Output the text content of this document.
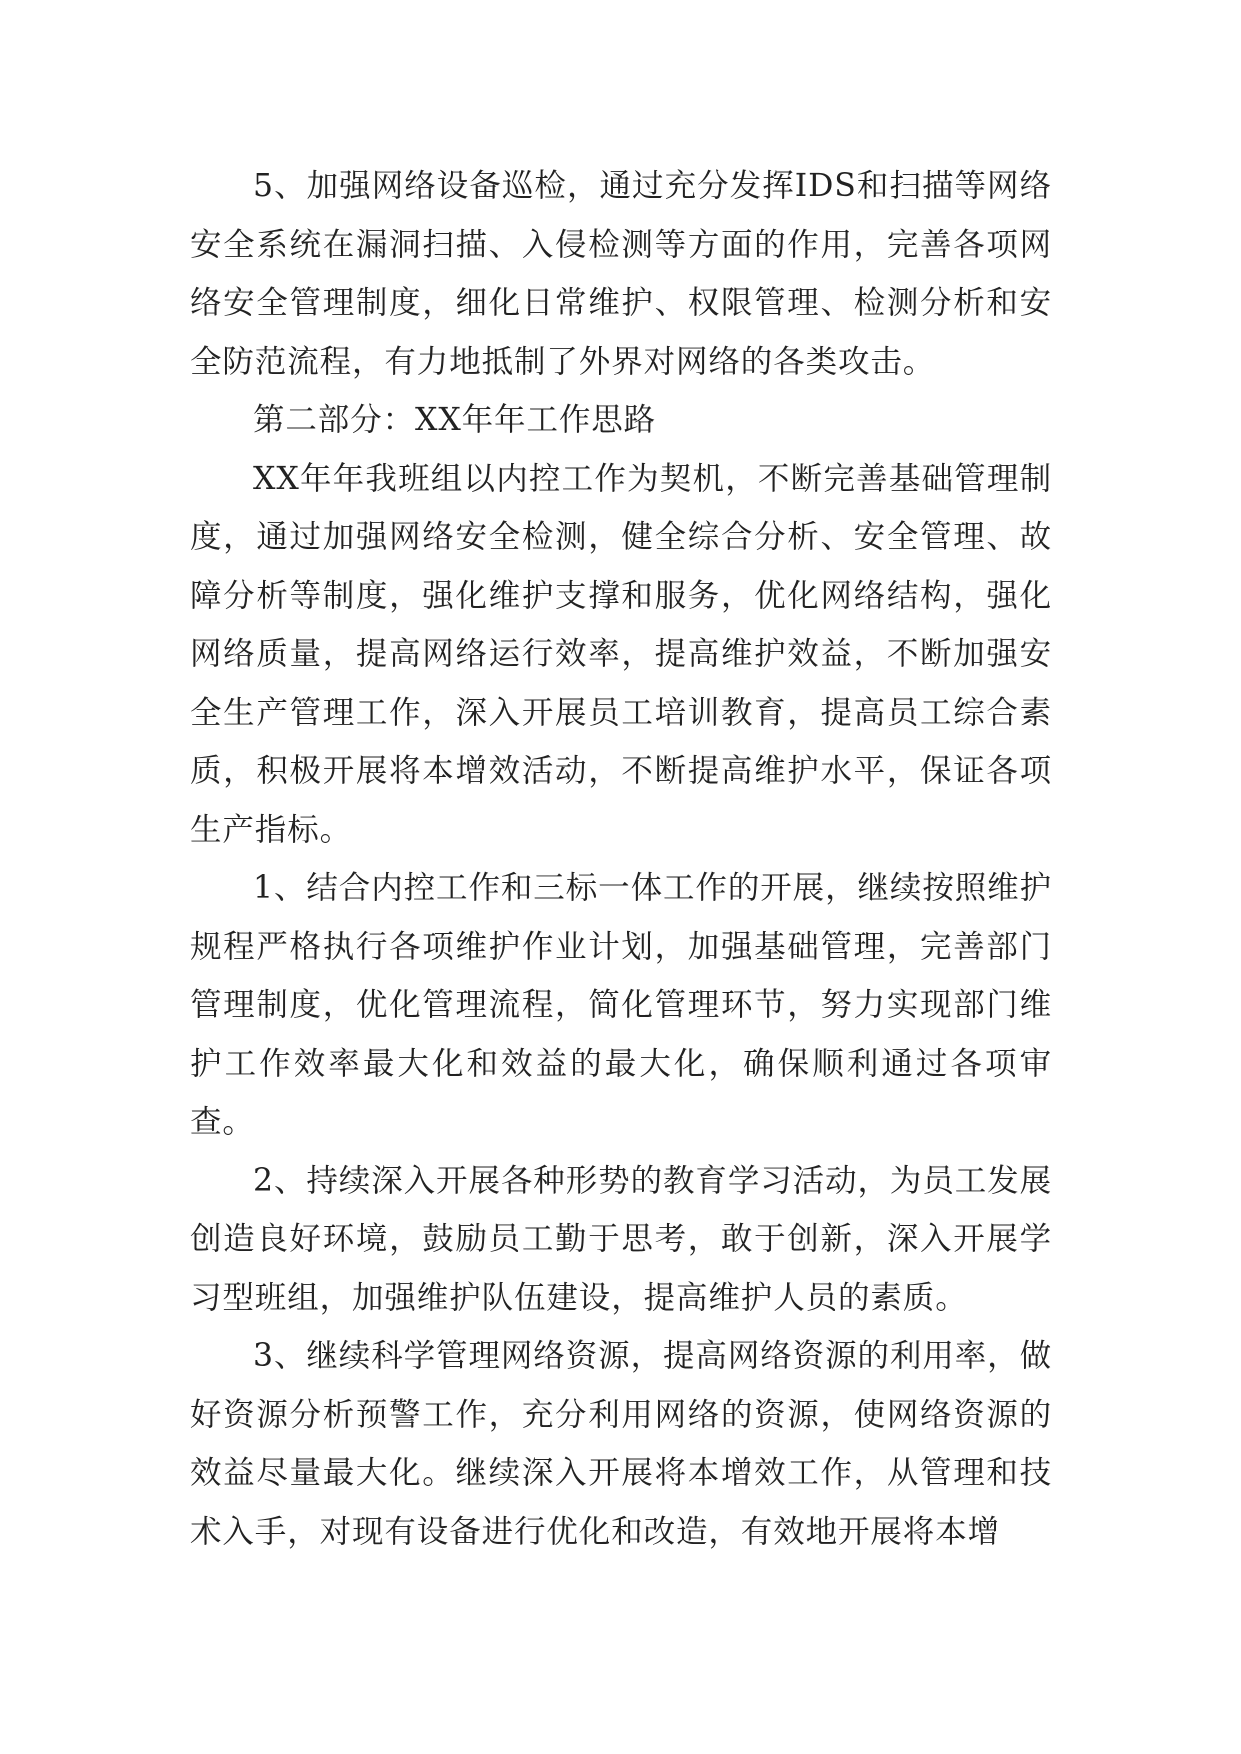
5、加强网络设备巡检，通过充分发挥IDS和扫描等网络安全系统在漏洞扫描、入侵检测等方面的作用，完善各项网络安全管理制度，细化日常维护、权限管理、检测分析和安全防范流程，有力地抵制了外界对网络的各类攻击。

第二部分：XX年年工作思路

XX年年我班组以内控工作为契机，不断完善基础管理制度，通过加强网络安全检测，健全综合分析、安全管理、故障分析等制度，强化维护支撑和服务，优化网络结构，强化网络质量，提高网络运行效率，提高维护效益，不断加强安全生产管理工作，深入开展员工培训教育，提高员工综合素质，积极开展将本增效活动，不断提高维护水平，保证各项生产指标。

1、结合内控工作和三标一体工作的开展，继续按照维护规程严格执行各项维护作业计划，加强基础管理，完善部门管理制度，优化管理流程，简化管理环节，努力实现部门维护工作效率最大化和效益的最大化，确保顺利通过各项审查。

2、持续深入开展各种形势的教育学习活动，为员工发展创造良好环境，鼓励员工勤于思考，敢于创新，深入开展学习型班组，加强维护队伍建设，提高维护人员的素质。

3、继续科学管理网络资源，提高网络资源的利用率，做好资源分析预警工作，充分利用网络的资源，使网络资源的效益尽量最大化。继续深入开展将本增效工作，从管理和技术入手，对现有设备进行优化和改造，有效地开展将本增
